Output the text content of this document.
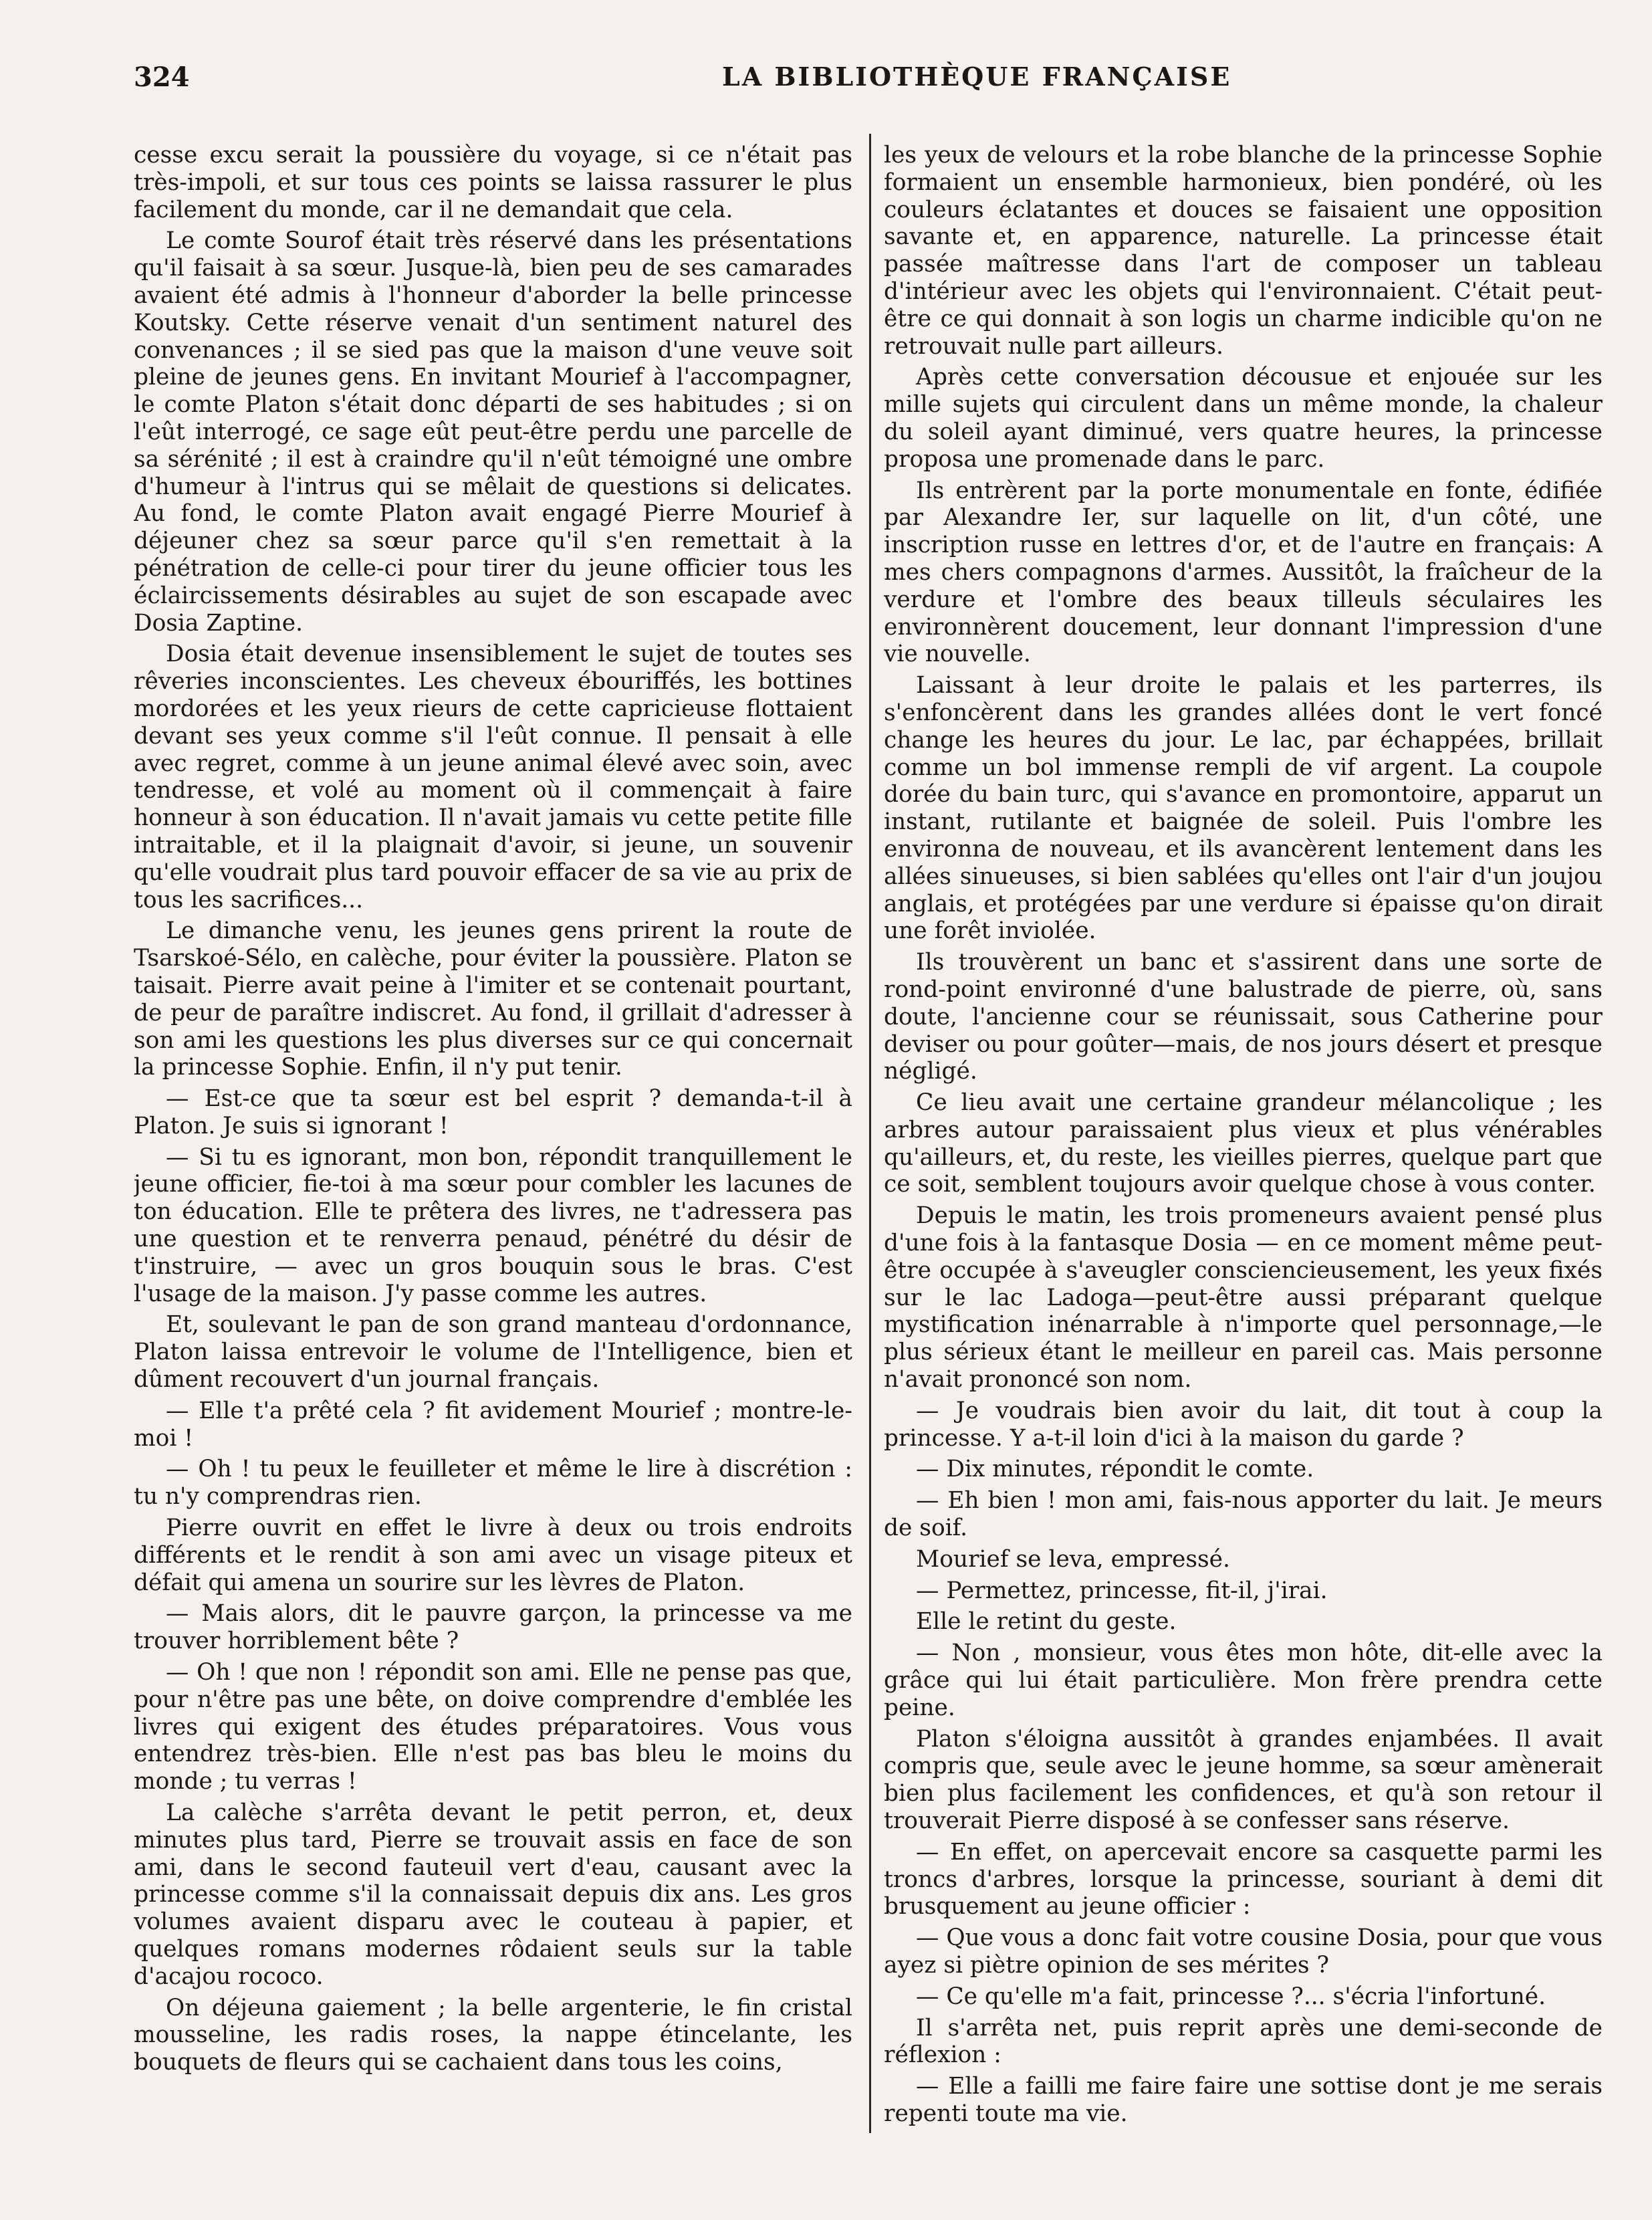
324	LA BIBLIOTHÈQUE FRANÇAISE

cesse excu serait la poussière du voyage, si ce n'était pas très-impoli, et sur tous ces points se laissa rassurer le plus facilement du monde, car il ne demandait que cela.

Le comte Sourof était très réservé dans les présentations qu'il faisait à sa sœur. Jusque-là, bien peu de ses camarades avaient été admis à l'honneur d'aborder la belle princesse Koutsky. Cette réserve venait d'un sentiment naturel des convenances ; il se sied pas que la maison d'une veuve soit pleine de jeunes gens. En invitant Mourief à l'accompagner, le comte Platon s'était donc départi de ses habitudes ; si on l'eût interrogé, ce sage eût peut-être perdu une parcelle de sa sérénité ; il est à craindre qu'il n'eût témoigné une ombre d'humeur à l'intrus qui se mêlait de questions si delicates. Au fond, le comte Platon avait engagé Pierre Mourief à déjeuner chez sa sœur parce qu'il s'en remettait à la pénétration de celle-ci pour tirer du jeune officier tous les éclaircissements désirables au sujet de son escapade avec Dosia Zaptine.

Dosia était devenue insensiblement le sujet de toutes ses rêveries inconscientes. Les cheveux ébouriffés, les bottines mordorées et les yeux rieurs de cette capricieuse flottaient devant ses yeux comme s'il l'eût connue. Il pensait à elle avec regret, comme à un jeune animal élevé avec soin, avec tendresse, et volé au moment où il commençait à faire honneur à son éducation. Il n'avait jamais vu cette petite fille intraitable, et il la plaignait d'avoir, si jeune, un souvenir qu'elle voudrait plus tard pouvoir effacer de sa vie au prix de tous les sacrifices...

Le dimanche venu, les jeunes gens prirent la route de Tsarskoé-Sélo, en calèche, pour éviter la poussière. Platon se taisait. Pierre avait peine à l'imiter et se contenait pourtant, de peur de paraître indiscret. Au fond, il grillait d'adresser à son ami les questions les plus diverses sur ce qui concernait la princesse Sophie. Enfin, il n'y put tenir.

— Est-ce que ta sœur est bel esprit ? demanda-t-il à Platon. Je suis si ignorant !

— Si tu es ignorant, mon bon, répondit tranquillement le jeune officier, fie-toi à ma sœur pour combler les lacunes de ton éducation. Elle te prêtera des livres, ne t'adressera pas une question et te renverra penaud, pénétré du désir de t'instruire, — avec un gros bouquin sous le bras. C'est l'usage de la maison. J'y passe comme les autres.

Et, soulevant le pan de son grand manteau d'ordonnance, Platon laissa entrevoir le volume de l'Intelligence, bien et dûment recouvert d'un journal français.

— Elle t'a prêté cela ? fit avidement Mourief ; montre-le-moi !

— Oh ! tu peux le feuilleter et même le lire à discrétion : tu n'y comprendras rien.

Pierre ouvrit en effet le livre à deux ou trois endroits différents et le rendit à son ami avec un visage piteux et défait qui amena un sourire sur les lèvres de Platon.

— Mais alors, dit le pauvre garçon, la princesse va me trouver horriblement bête ?

— Oh ! que non ! répondit son ami. Elle ne pense pas que, pour n'être pas une bête, on doive comprendre d'emblée les livres qui exigent des études préparatoires. Vous vous entendrez très-bien. Elle n'est pas bas bleu le moins du monde ; tu verras !

La calèche s'arrêta devant le petit perron, et, deux minutes plus tard, Pierre se trouvait assis en face de son ami, dans le second fauteuil vert d'eau, causant avec la princesse comme s'il la connaissait depuis dix ans. Les gros volumes avaient disparu avec le couteau à papier, et quelques romans modernes rôdaient seuls sur la table d'acajou rococo.

On déjeuna gaiement ; la belle argenterie, le fin cristal mousseline, les radis roses, la nappe étincelante, les bouquets de fleurs qui se cachaient dans tous les coins,

les yeux de velours et la robe blanche de la princesse Sophie formaient un ensemble harmonieux, bien pondéré, où les couleurs éclatantes et douces se faisaient une opposition savante et, en apparence, naturelle. La princesse était passée maîtresse dans l'art de composer un tableau d'intérieur avec les objets qui l'environnaient. C'était peut-être ce qui donnait à son logis un charme indicible qu'on ne retrouvait nulle part ailleurs.

Après cette conversation décousue et enjouée sur les mille sujets qui circulent dans un même monde, la chaleur du soleil ayant diminué, vers quatre heures, la princesse proposa une promenade dans le parc.

Ils entrèrent par la porte monumentale en fonte, édifiée par Alexandre Ier, sur laquelle on lit, d'un côté, une inscription russe en lettres d'or, et de l'autre en français: A mes chers compagnons d'armes. Aussitôt, la fraîcheur de la verdure et l'ombre des beaux tilleuls séculaires les environnèrent doucement, leur donnant l'impression d'une vie nouvelle.

Laissant à leur droite le palais et les parterres, ils s'enfoncèrent dans les grandes allées dont le vert foncé change les heures du jour. Le lac, par échappées, brillait comme un bol immense rempli de vif argent. La coupole dorée du bain turc, qui s'avance en promontoire, apparut un instant, rutilante et baignée de soleil. Puis l'ombre les environna de nouveau, et ils avancèrent lentement dans les allées sinueuses, si bien sablées qu'elles ont l'air d'un joujou anglais, et protégées par une verdure si épaisse qu'on dirait une forêt inviolée.

Ils trouvèrent un banc et s'assirent dans une sorte de rond-point environné d'une balustrade de pierre, où, sans doute, l'ancienne cour se réunissait, sous Catherine pour deviser ou pour goûter—mais, de nos jours désert et presque négligé.

Ce lieu avait une certaine grandeur mélancolique ; les arbres autour paraissaient plus vieux et plus vénérables qu'ailleurs, et, du reste, les vieilles pierres, quelque part que ce soit, semblent toujours avoir quelque chose à vous conter.

Depuis le matin, les trois promeneurs avaient pensé plus d'une fois à la fantasque Dosia — en ce moment même peut-être occupée à s'aveugler consciencieusement, les yeux fixés sur le lac Ladoga—peut-être aussi préparant quelque mystification inénarrable à n'importe quel personnage,—le plus sérieux étant le meilleur en pareil cas. Mais personne n'avait prononcé son nom.

— Je voudrais bien avoir du lait, dit tout à coup la princesse. Y a-t-il loin d'ici à la maison du garde ?

— Dix minutes, répondit le comte.

— Eh bien ! mon ami, fais-nous apporter du lait. Je meurs de soif.

Mourief se leva, empressé.

— Permettez, princesse, fit-il, j'irai.

Elle le retint du geste.

— Non , monsieur, vous êtes mon hôte, dit-elle avec la grâce qui lui était particulière. Mon frère prendra cette peine.

Platon s'éloigna aussitôt à grandes enjambées. Il avait compris que, seule avec le jeune homme, sa sœur amènerait bien plus facilement les confidences, et qu'à son retour il trouverait Pierre disposé à se confesser sans réserve.

— En effet, on apercevait encore sa casquette parmi les troncs d'arbres, lorsque la princesse, souriant à demi dit brusquement au jeune officier :

— Que vous a donc fait votre cousine Dosia, pour que vous ayez si piètre opinion de ses mérites ?

— Ce qu'elle m'a fait, princesse ?... s'écria l'infortuné.

Il s'arrêta net, puis reprit après une demi-seconde de réflexion :

— Elle a failli me faire faire une sottise dont je me serais repenti toute ma vie.
